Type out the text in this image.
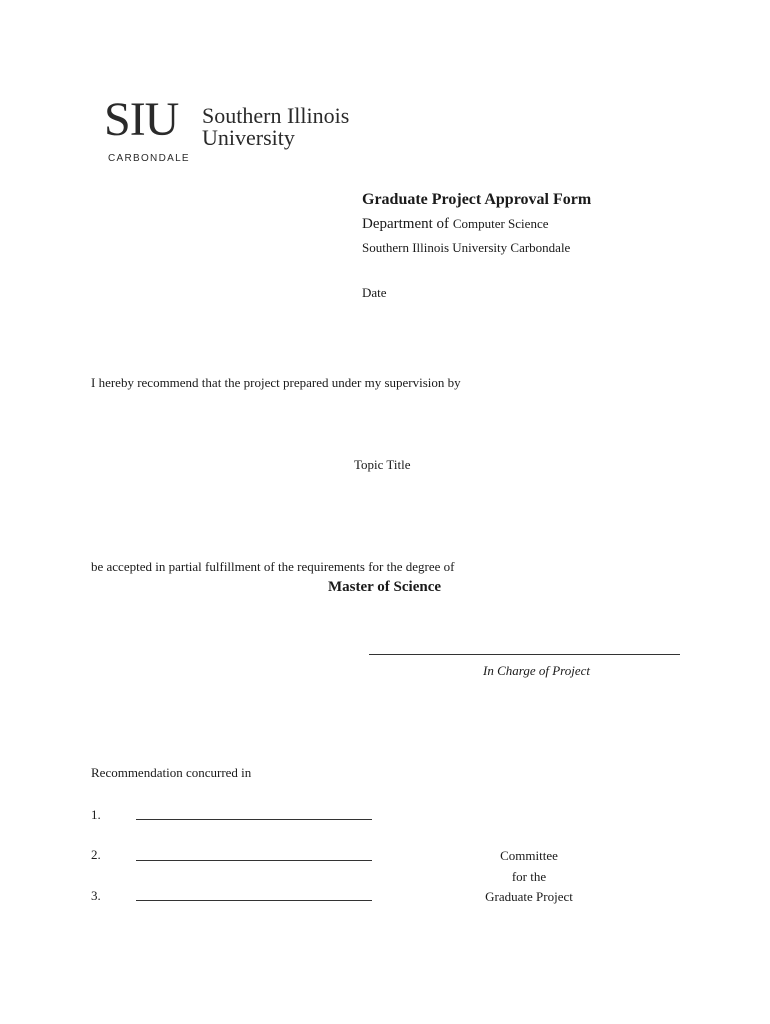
SIU Southern Illinois
University
CARBONDALE
Graduate Project Approval Form
Department of Computer Science
Southern Illinois University Carbondale
Date
I hereby recommend that the project prepared under my supervision by
Topic Title
be accepted in partial fulfillment of the requirements for the degree of
Master of Science
In Charge of Project
Recommendation concurred in
1.
2.
3.
Committee
for the
Graduate Project
